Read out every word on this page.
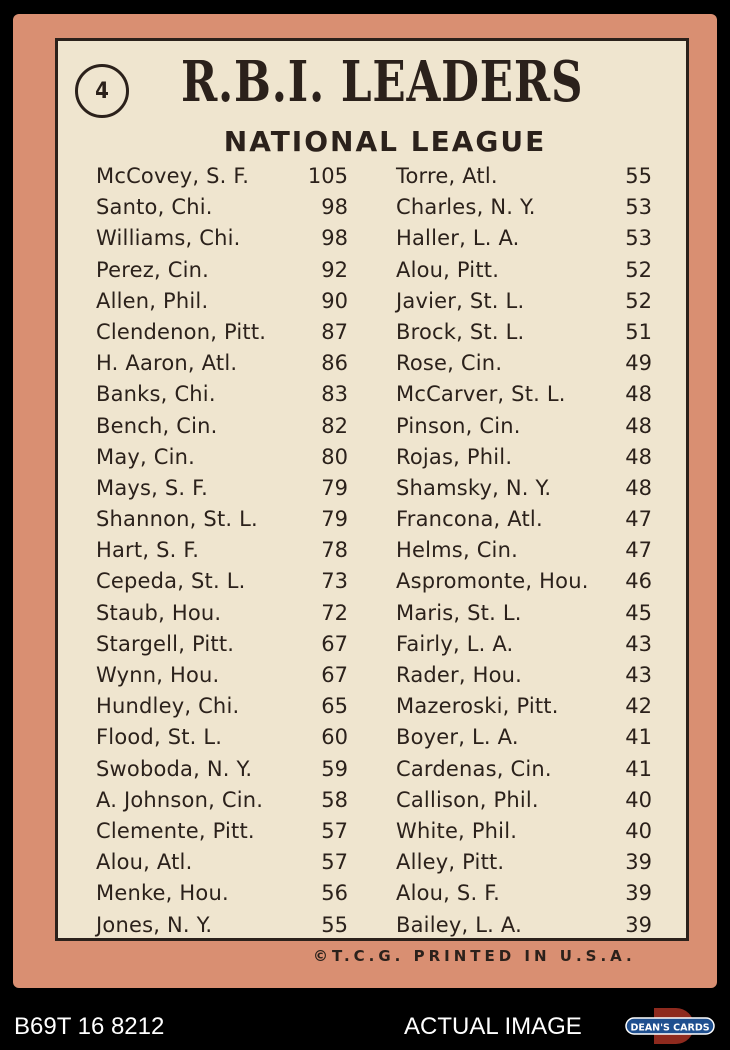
4	R.B.I. LEADERS
NATIONAL LEAGUE
McCovey, S. F.	105
Santo, Chi.	98
Williams, Chi.	98
Perez, Cin.	92
Allen, Phil.	90
Clendenon, Pitt.	87
H. Aaron, Atl.	86
Banks, Chi.	83
Bench, Cin.	82
May, Cin.	80
Mays, S. F.	79
Shannon, St. L.	79
Hart, S. F.	78
Cepeda, St. L.	73
Staub, Hou.	72
Stargell, Pitt.	67
Wynn, Hou.	67
Hundley, Chi.	65
Flood, St. L.	60
Swoboda, N. Y.	59
A. Johnson, Cin.	58
Clemente, Pitt.	57
Alou, Atl.	57
Menke, Hou.	56
Jones, N. Y.	55
Torre, Atl.	55
Charles, N. Y.	53
Haller, L. A.	53
Alou, Pitt.	52
Javier, St. L.	52
Brock, St. L.	51
Rose, Cin.	49
McCarver, St. L.	48
Pinson, Cin.	48
Rojas, Phil.	48
Shamsky, N. Y.	48
Francona, Atl.	47
Helms, Cin.	47
Aspromonte, Hou. 46
Maris, St. L.	45
Fairly, L. A.	43
Rader, Hou.	43
Mazeroski, Pitt.	42
Boyer, L. A.	41
Cardenas, Cin.	41
Callison, Phil.	40
White, Phil.	40
Alley, Pitt.	39
Alou, S. F.	39
Bailey, L. A.	39
©T.C.G. PRINTED IN U.S.A.
B69T 16 8212	ACTUAL IMAGE	DEAN'S CARDS
